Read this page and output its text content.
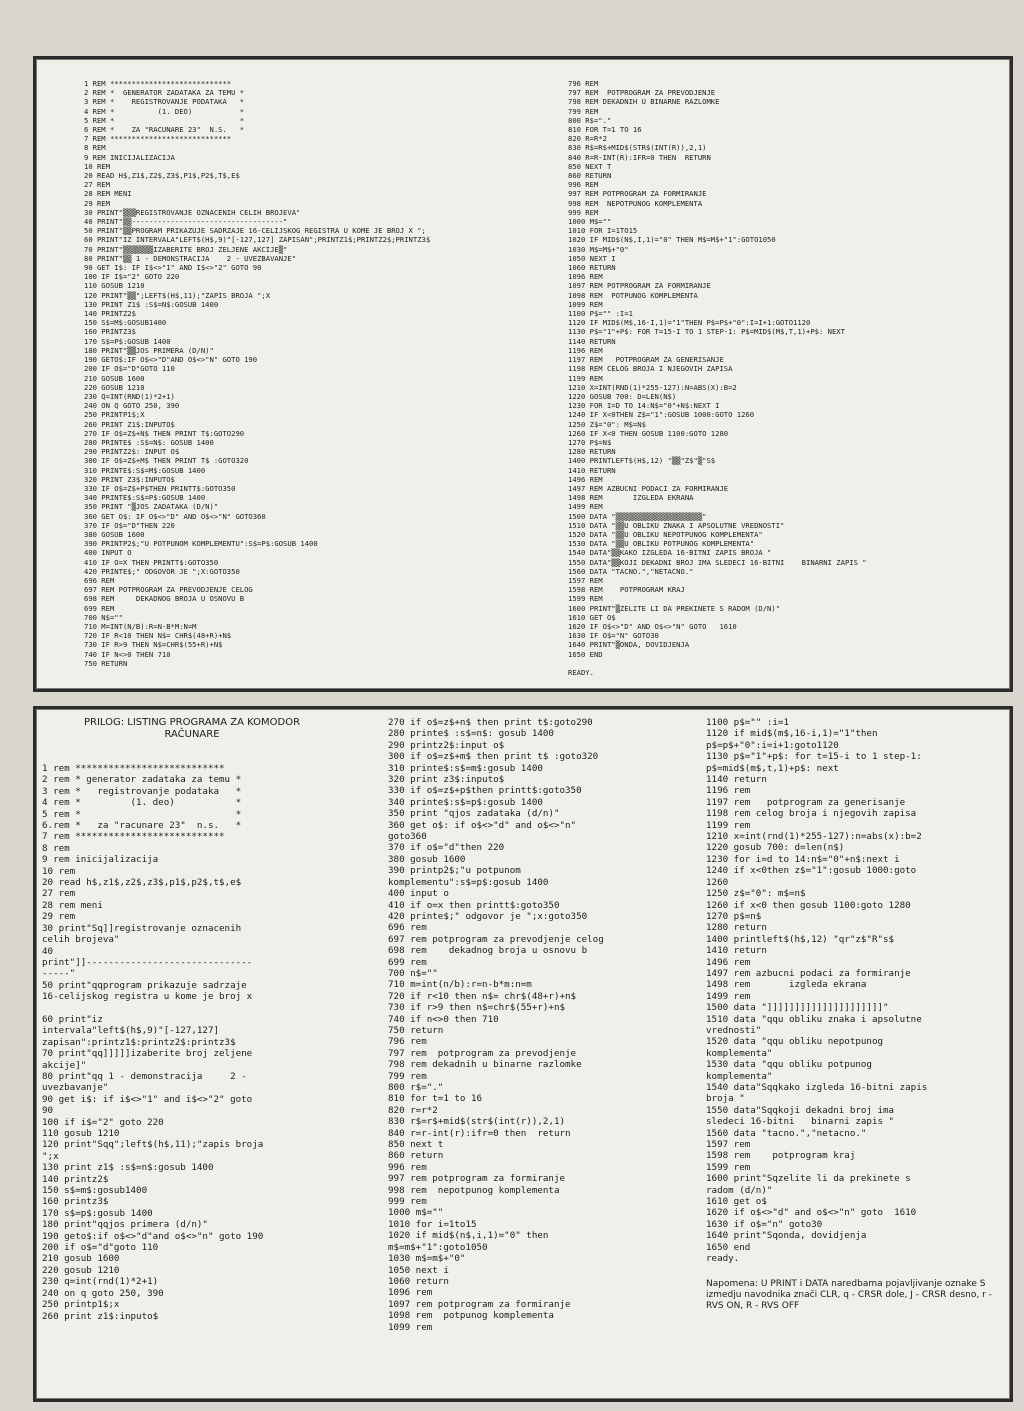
1 REM ****************************
2 REM *  GENERATOR ZADATAKA ZA TEMU *
3 REM *    REGISTROVANJE PODATAKA   *
4 REM *          (1. DEO)           *
5 REM *                             *
6 REM *    ZA "RACUNARE 23"  N.S.   *
7 REM ****************************
8 REM
9 REM INICIJALIZACIJA
10 REM
20 READ H$,Z1$,Z2$,Z3$,P1$,P2$,T$,E$
27 REM
28 REM MENI
29 REM
30 PRINT"▒▒▒REGISTROVANJE OZNACENIH CELIH BROJEVA"
40 PRINT"▒▒-----------------------------------"
50 PRINT"▒▒PROGRAM PRIKAZUJE SADRZAJE 16-CELIJSKOG REGISTRA U KOME JE BROJ X ";
60 PRINT"IZ INTERVALA"LEFT$(H$,9)"[-127,127] ZAPISAN";PRINTZ1$;PRINTZ2$;PRINTZ3$
70 PRINT"▒▒▒▒▒▒▒IZABERITE BROJ ZELJENE AKCIJE▒"
80 PRINT"▒▒ 1 - DEMONSTRACIJA    2 - UVEZBAVANJE"
90 GET I$: IF I$<>"1" AND I$<>"2" GOTO 90
100 IF I$="2" GOTO 220
110 GOSUB 1210
120 PRINT"▒▒";LEFT$(H$,11);"ZAPIS BROJA ";X
130 PRINT Z1$ :S$=N$:GOSUB 1400
140 PRINTZ2$
150 S$=M$:GOSUB1400
160 PRINTZ3$
170 S$=P$:GOSUB 1400
180 PRINT"▒▒JOS PRIMERA (D/N)"
190 GETO$:IF O$<>"D"AND O$<>"N" GOTO 190
200 IF O$="D"GOTO 110
210 GOSUB 1600
220 GOSUB 1210
230 Q=INT(RND(1)*2+1)
240 ON Q GOTO 250, 390
250 PRINTP1$;X
260 PRINT Z1$:INPUTO$
270 IF O$=Z$+N$ THEN PRINT T$:GOTO290
280 PRINTE$ :S$=N$: GOSUB 1400
290 PRINTZ2$: INPUT O$
300 IF O$=Z$+M$ THEN PRINT T$ :GOTO320
310 PRINTE$:S$=M$:GOSUB 1400
320 PRINT Z3$:INPUTO$
330 IF O$=Z$+P$THEN PRINTT$:GOTO350
340 PRINTE$:S$=P$:GOSUB 1400
350 PRINT "▒JOS ZADATAKA (D/N)"
360 GET O$: IF O$<>"D" AND O$<>"N" GOTO360
370 IF O$="D"THEN 220
380 GOSUB 1600
390 PRINTP2$;"U POTPUNOM KOMPLEMENTU":S$=P$:GOSUB 1400
400 INPUT O
410 IF O=X THEN PRINTT$:GOTO350
420 PRINTE$;" ODGOVOR JE ";X:GOTO350
696 REM
697 REM POTPROGRAM ZA PREVODJENJE CELOG
698 REM     DEKADNOG BROJA U OSNOVU B
699 REM
700 N$=""
710 M=INT(N/B):R=N-B*M:N=M
720 IF R<10 THEN N$= CHR$(48+R)+N$
730 IF R>9 THEN N$=CHR$(55+R)+N$
740 IF N<>0 THEN 710
750 RETURN
796 REM
797 REM  POTPROGRAM ZA PREVODJENJE
798 REM DEKADNIH U BINARNE RAZLOMKE
799 REM
800 R$="."
810 FOR T=1 TO 16
820 R=R*2
830 R$=R$+MID$(STR$(INT(R)),2,1)
840 R=R-INT(R):IFR=0 THEN  RETURN
850 NEXT T
860 RETURN
996 REM
997 REM POTPROGRAM ZA FORMIRANJE
998 REM  NEPOTPUNOG KOMPLEMENTA
999 REM
1000 M$=""
1010 FOR I=1TO15
1020 IF MID$(N$,I,1)="0" THEN M$=M$+"1":GOTO1050
1030 M$=M$+"0"
1050 NEXT I
1060 RETURN
1096 REM
1097 REM POTPROGRAM ZA FORMIRANJE
1098 REM  POTPUNOG KOMPLEMENTA
1099 REM
1100 P$="" :I=1
1120 IF MID$(M$,16-I,1)="1"THEN P$=P$+"0":I=I+1:GOTO1120
1130 P$="1"+P$: FOR T=15-I TO 1 STEP-1: P$=MID$(M$,T,1)+P$: NEXT
1140 RETURN
1196 REM
1197 REM   POTPROGRAM ZA GENERISANJE
1198 REM CELOG BROJA I NJEGOVIH ZAPISA
1199 REM
1210 X=INT(RND(1)*255-127):N=ABS(X):B=2
1220 GOSUB 700: D=LEN(N$)
1230 FOR I=D TO 14:N$="0"+N$:NEXT I
1240 IF X<0THEN Z$="1":GOSUB 1000:GOTO 1260
1250 Z$="0": M$=N$
1260 IF X<0 THEN GOSUB 1100:GOTO 1280
1270 P$=N$
1280 RETURN
1400 PRINTLEFT$(H$,12) "▒▒"Z$"▒"S$
1410 RETURN
1496 REM
1497 REM AZBUCNI PODACI ZA FORMIRANJE
1498 REM       IZGLEDA EKRANA
1499 REM
1500 DATA "▒▒▒▒▒▒▒▒▒▒▒▒▒▒▒▒▒▒▒▒"
1510 DATA "▒▒U OBLIKU ZNAKA I APSOLUTNE VREDNOSTI"
1520 DATA "▒▒U OBLIKU NEPOTPUNOG KOMPLEMENTA"
1530 DATA "▒▒U OBLIKU POTPUNOG KOMPLEMENTA"
1540 DATA"▒▒KAKO IZGLEDA 16-BITNI ZAPIS BROJA "
1550 DATA"▒▒KOJI DEKADNI BROJ IMA SLEDECI 16-BITNI    BINARNI ZAPIS "
1560 DATA "TACNO.","NETACNO."
1597 REM
1598 REM    POTPROGRAM KRAJ
1599 REM
1600 PRINT"▒ZELITE LI DA PREKINETE S RADOM (D/N)"
1610 GET O$
1620 IF O$<>"D" AND O$<>"N" GOTO   1610
1630 IF O$="N" GOTO30
1640 PRINT"▒ONDA, DOVIDJENJA
1650 END

READY.
PRILOG: LISTING PROGRAMA ZA KOMODOR
RAČUNARE
1 rem ***************************
2 rem * generator zadataka za temu *
3 rem *   registrovanje podataka   *
4 rem *         (1. deo)           *
5 rem *                            *
6.rem *   za "racunare 23"  n.s.   *
7 rem ***************************
8 rem
9 rem inicijalizacija
10 rem
20 read h$,z1$,z2$,z3$,p1$,p2$,t$,e$
27 rem
28 rem meni
29 rem
30 print"Sq]]registrovanje oznacenih
celih brojeva"
40
print"]]------------------------------
-----"
50 print"qqprogram prikazuje sadrzaje
16-celijskog registra u kome je broj x

60 print"iz
intervala"left$(h$,9)"[-127,127]
zapisan":printz1$:printz2$:printz3$
70 print"qq]]]]]izaberite broj zeljene
akcije]"
80 print"qq 1 - demonstracija     2 -
uvezbavanje"
90 get i$: if i$<>"1" and i$<>"2" goto
90
100 if i$="2" goto 220
110 gosub 1210
120 print"Sqq";left$(h$,11);"zapis broja
";x
130 print z1$ :s$=n$:gosub 1400
140 printz2$
150 s$=m$:gosub1400
160 printz3$
170 s$=p$:gosub 1400
180 print"qqjos primera (d/n)"
190 geto$:if o$<>"d"and o$<>"n" goto 190
200 if o$="d"goto 110
210 gosub 1600
220 gosub 1210
230 q=int(rnd(1)*2+1)
240 on q goto 250, 390
250 printp1$;x
260 print z1$:inputo$
270 if o$=z$+n$ then print t$:goto290
280 printe$ :s$=n$: gosub 1400
290 printz2$:input o$
300 if o$=z$+m$ then print t$ :goto320
310 printe$:s$=m$:gosub 1400
320 print z3$:inputo$
330 if o$=z$+p$then printt$:goto350
340 printe$:s$=p$:gosub 1400
350 print "qjos zadataka (d/n)"
360 get o$: if o$<>"d" and o$<>"n"
goto360
370 if o$="d"then 220
380 gosub 1600
390 printp2$;"u potpunom
komplementu":s$=p$:gosub 1400
400 input o
410 if o=x then printt$:goto350
420 printe$;" odgovor je ";x:goto350
696 rem
697 rem potprogram za prevodjenje celog
698 rem    dekadnog broja u osnovu b
699 rem
700 n$=""
710 m=int(n/b):r=n-b*m:n=m
720 if r<10 then n$= chr$(48+r)+n$
730 if r>9 then n$=chr$(55+r)+n$
740 if n<>0 then 710
750 return
796 rem
797 rem  potprogram za prevodjenje
798 rem dekadnih u binarne razlomke
799 rem
800 r$="."
810 for t=1 to 16
820 r=r*2
830 r$=r$+mid$(str$(int(r)),2,1)
840 r=r-int(r):ifr=0 then  return
850 next t
860 return
996 rem
997 rem potprogram za formiranje
998 rem  nepotpunog komplementa
999 rem
1000 m$=""
1010 for i=1to15
1020 if mid$(n$,i,1)="0" then
m$=m$+"1":goto1050
1030 m$=m$+"0"
1050 next i
1060 return
1096 rem
1097 rem potprogram za formiranje
1098 rem  potpunog komplementa
1099 rem
1100 p$="" :i=1
1120 if mid$(m$,16-i,1)="1"then
p$=p$+"0":i=i+1:goto1120
1130 p$="1"+p$: for t=15-i to 1 step-1:
p$=mid$(m$,t,1)+p$: next
1140 return
1196 rem
1197 rem   potprogram za generisanje
1198 rem celog broja i njegovih zapisa
1199 rem
1210 x=int(rnd(1)*255-127):n=abs(x):b=2
1220 gosub 700: d=len(n$)
1230 for i=d to 14:n$="0"+n$:next i
1240 if x<0then z$="1":gosub 1000:goto
1260
1250 z$="0": m$=n$
1260 if x<0 then gosub 1100:goto 1280
1270 p$=n$
1280 return
1400 printleft$(h$,12) "qr"z$"R"s$
1410 return
1496 rem
1497 rem azbucni podaci za formiranje
1498 rem       izgleda ekrana
1499 rem
1500 data "]]]]]]]]]]]]]]]]]]]]]"
1510 data "qqu obliku znaka i apsolutne
vrednosti"
1520 data "qqu obliku nepotpunog
komplementa"
1530 data "qqu obliku potpunog
komplementa"
1540 data"Sqqkako izgleda 16-bitni zapis
broja "
1550 data"Sqqkoji dekadni broj ima
sledeci 16-bitni   binarni zapis "
1560 data "tacno.","netacno."
1597 rem
1598 rem    potprogram kraj
1599 rem
1600 print"Sqzelite li da prekinete s
radom (d/n)"
1610 get o$
1620 if o$<>"d" and o$<>"n" goto  1610
1630 if o$="n" goto30
1640 print"Sqonda, dovidjenja
1650 end
ready.
Napomena: U PRINT i DATA naredbama pojavljivanje oznake S izmedju navodnika znači CLR, q - CRSR dole, J - CRSR desno, r - RVS ON, R - RVS OFF
